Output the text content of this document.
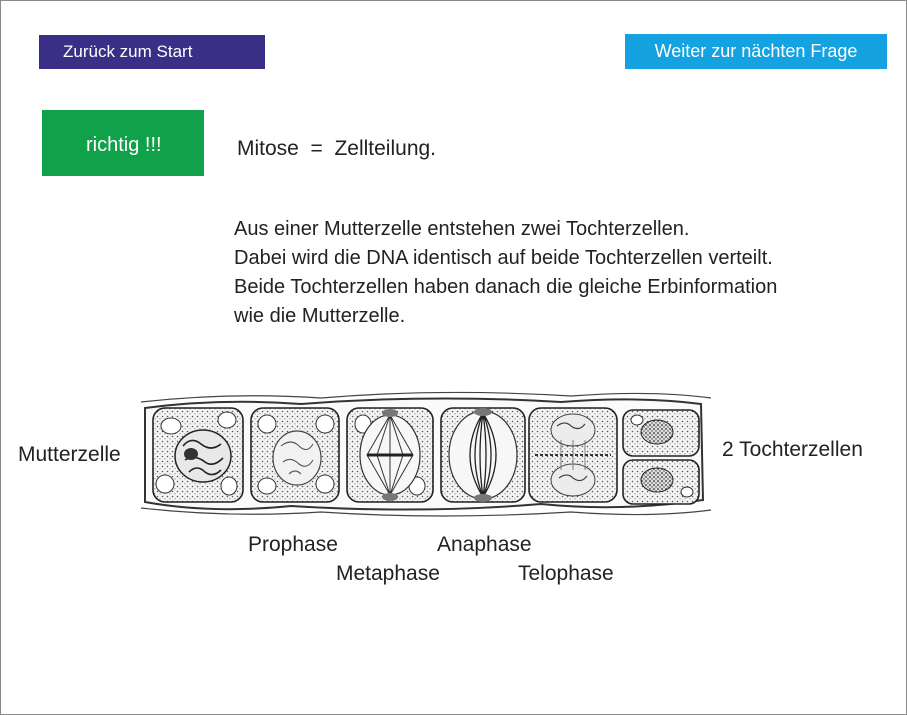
Zurück zum Start	Weiter zur nächten Frage
richtig !!!	Mitose  =  Zellteilung.
Aus einer Mutterzelle entstehen zwei Tochterzellen.
Dabei wird die DNA identisch auf beide Tochterzellen verteilt.
Beide Tochterzellen haben danach die gleiche Erbinformation
wie die Mutterzelle.
Mutterzelle	2 Tochterzellen
Prophase	Anaphase
Metaphase	Telophase
